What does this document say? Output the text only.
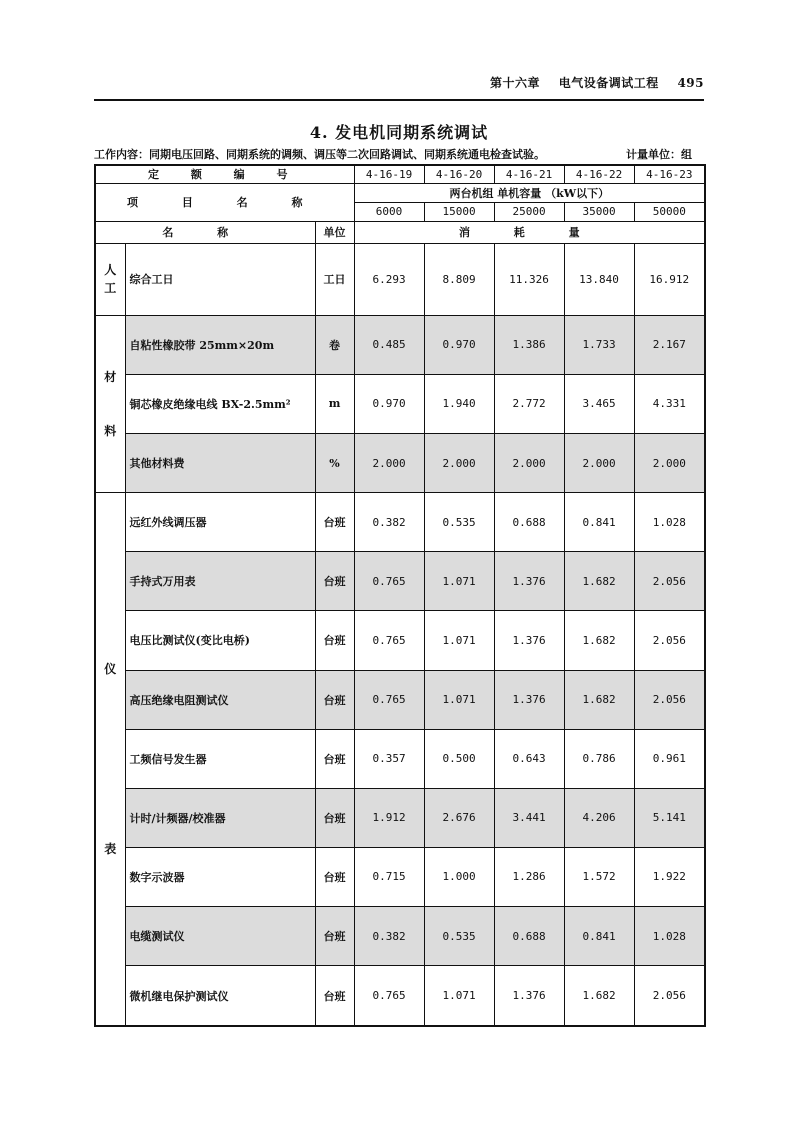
第十六章 电气设备调试工程 495
4. 发电机同期系统调试
工作内容：同期电压回路、同期系统的调频、调压等二次回路调试、同期系统通电检查试验。	计量单位：组
定 额 编 号			4-16-19	4-16-20	4-16-21	4-16-22	4-16-23
项 目 名 称			两台机组 单机容量 （kW以下）				
			6000	15000	25000	35000	50000
名 称		单位	消 耗 量				
人
工	综合工日	工日	6.293	8.809	11.326	13.840	16.912
材
料	自粘性橡胶带 25mm×20m	卷	0.485	0.970	1.386	1.733	2.167
	铜芯橡皮绝缘电线 BX-2.5mm²	m	0.970	1.940	2.772	3.465	4.331
	其他材料费	%	2.000	2.000	2.000	2.000	2.000
仪
表	远红外线调压器	台班	0.382	0.535	0.688	0.841	1.028
	手持式万用表	台班	0.765	1.071	1.376	1.682	2.056
	电压比测试仪(变比电桥)	台班	0.765	1.071	1.376	1.682	2.056
	高压绝缘电阻测试仪	台班	0.765	1.071	1.376	1.682	2.056
	工频信号发生器	台班	0.357	0.500	0.643	0.786	0.961
	计时/计频器/校准器	台班	1.912	2.676	3.441	4.206	5.141
	数字示波器	台班	0.715	1.000	1.286	1.572	1.922
	电缆测试仪	台班	0.382	0.535	0.688	0.841	1.028
	微机继电保护测试仪	台班	0.765	1.071	1.376	1.682	2.056
